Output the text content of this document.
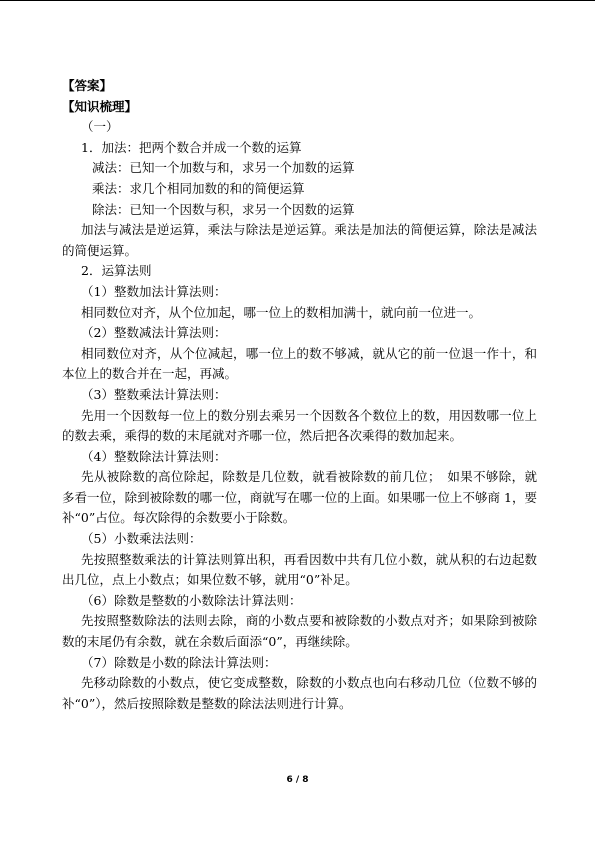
【答案】
【知识梳理】
（一）
1．加法：把两个数合并成一个数的运算
减法：已知一个加数与和，求另一个加数的运算
乘法：求几个相同加数的和的简便运算
除法：已知一个因数与积，求另一个因数的运算
加法与减法是逆运算，乘法与除法是逆运算。乘法是加法的简便运算，除法是减法的简便运算。
2．运算法则
（1）整数加法计算法则：
相同数位对齐，从个位加起，哪一位上的数相加满十，就向前一位进一。
（2）整数减法计算法则：
相同数位对齐，从个位减起，哪一位上的数不够减，就从它的前一位退一作十，和本位上的数合并在一起，再减。
（3）整数乘法计算法则：
先用一个因数每一位上的数分别去乘另一个因数各个数位上的数，用因数哪一位上的数去乘，乘得的数的末尾就对齐哪一位，然后把各次乘得的数加起来。
（4）整数除法计算法则：
先从被除数的高位除起，除数是几位数，就看被除数的前几位；　如果不够除，就多看一位，除到被除数的哪一位，商就写在哪一位的上面。如果哪一位上不够商 1，要补“0”占位。每次除得的余数要小于除数。
（5）小数乘法法则：
先按照整数乘法的计算法则算出积，再看因数中共有几位小数，就从积的右边起数出几位，点上小数点；如果位数不够，就用“0”补足。
（6）除数是整数的小数除法计算法则：
先按照整数除法的法则去除，商的小数点要和被除数的小数点对齐；如果除到被除数的末尾仍有余数，就在余数后面添“0”，再继续除。
（7）除数是小数的除法计算法则：
先移动除数的小数点，使它变成整数，除数的小数点也向右移动几位（位数不够的补“0”），然后按照除数是整数的除法法则进行计算。
6 / 8
